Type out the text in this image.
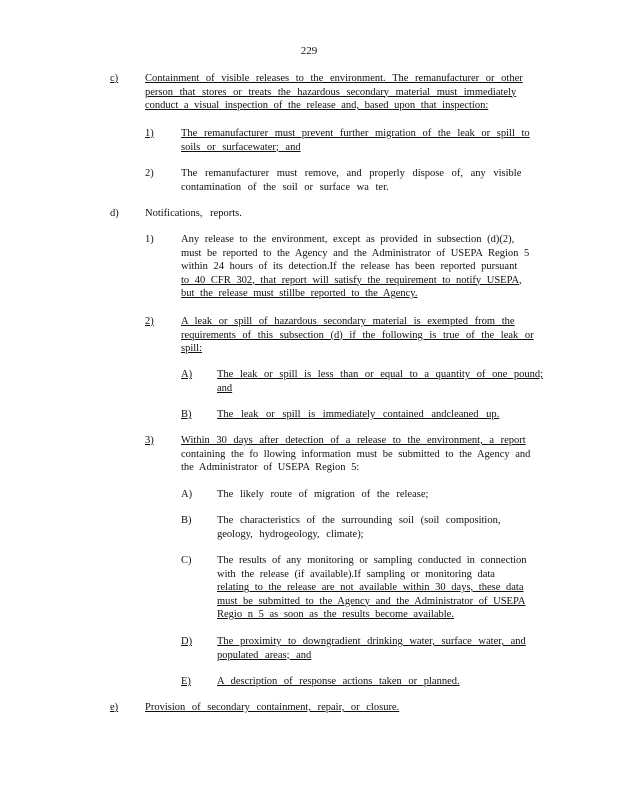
229
c)	Containment of visible releases to the environment. The remanufacturer or other
person that stores or treats the hazardous secondary material must immediately
conduct a visual inspection of the release and, based upon that inspection:
1)	The remanufacturer must prevent further migration of the leak or spill to
soils or surfacewater; and
2)	The remanufacturer must remove, and properly dispose of, any visible
contamination of the soil or surface wa ter.
d)	Notifications, reports.
1)	Any release to the environment, except as provided in subsection (d)(2),
must be reported to the Agency and the Administrator of USEPA Region 5
within 24 hours of its detection.If the release has been reported pursuant
to 40 CFR 302, that report will satisfy the requirement to notify USEPA,
but the release must stillbe reported to the Agency.
2)	A leak or spill of hazardous secondary material is exempted from the
requirements of this subsection (d) if the following is true of the leak or
spill:
A) The leak or spill is less than or equal to a quantity of one pound;
and
B) The leak or spill is immediately contained andcleaned up.
3)	Within 30 days after detection of a release to the environment, a report
containing the fo llowing information must be submitted to the Agency and
the Administrator of USEPA Region 5:
A) The likely route of migration of the release;
B) The characteristics of the surrounding soil (soil composition,
geology, hydrogeology, climate);
C) The results of any monitoring or sampling conducted in connection
with the release (if available).If sampling or monitoring data
relating to the release are not available within 30 days, these data
must be submitted to the Agency and the Administrator of USEPA
Regio n 5 as soon as the results become available.
D) The proximity to downgradient drinking water, surface water, and
populated areas; and
E) A description of response actions taken or planned.
e)	Provision of secondary containment, repair, or closure.
